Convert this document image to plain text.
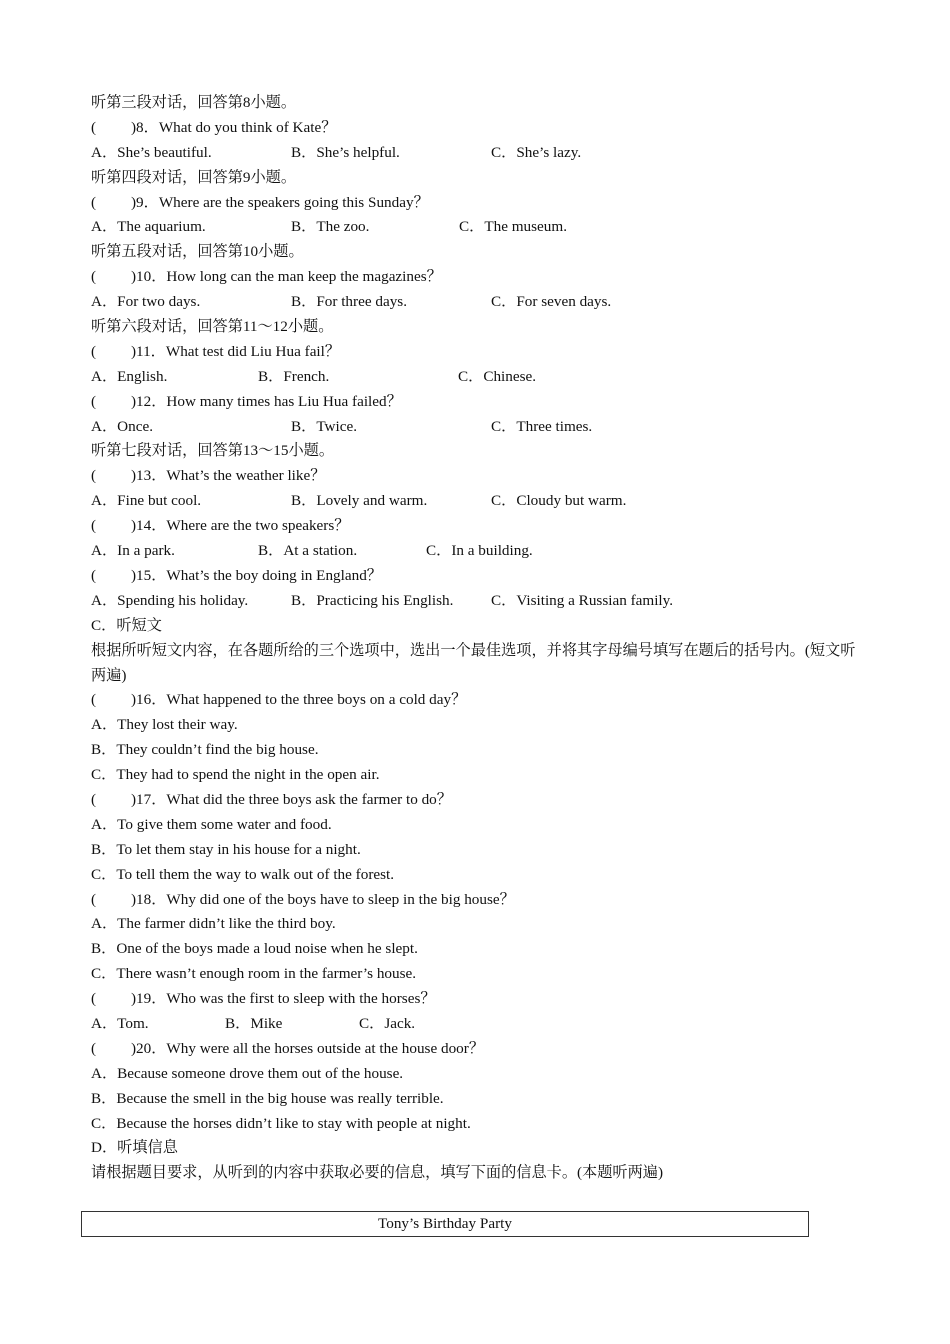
听第三段对话，回答第8小题。
( )8．What do you think of Kate？
A．She’s beautiful.	B．She’s helpful.	C．She’s lazy.
听第四段对话，回答第9小题。
( )9．Where are the speakers going this Sunday？
A．The aquarium.	B．The zoo.	C．The museum.
听第五段对话，回答第10小题。
( )10．How long can the man keep the magazines？
A．For two days.	B．For three days.	C．For seven days.
听第六段对话，回答第11～12小题。
( )11．What test did Liu Hua fail？
A．English.	B．French.	C．Chinese.
( )12．How many times has Liu Hua failed？
A．Once.	B．Twice.	C．Three times.
听第七段对话，回答第13～15小题。
( )13．What’s the weather like？
A．Fine but cool.	B．Lovely and warm.	C．Cloudy but warm.
( )14．Where are the two speakers？
A．In a park.	B．At a station.	C．In a building.
( )15．What’s the boy doing in England？
A．Spending his holiday.	B．Practicing his English. C．Visiting a Russian family.
C．听短文
根据所听短文内容，在各题所给的三个选项中，选出一个最佳选项，并将其字母编号填写在题后的括号内。(短文听两遍)
( )16．What happened to the three boys on a cold day？
A．They lost their way.
B．They couldn’t find the big house.
C．They had to spend the night in the open air.
( )17．What did the three boys ask the farmer to do？
A．To give them some water and food.
B．To let them stay in his house for a night.
C．To tell them the way to walk out of the forest.
( )18．Why did one of the boys have to sleep in the big house？
A．The farmer didn’t like the third boy.
B．One of the boys made a loud noise when he slept.
C．There wasn’t enough room in the farmer’s house.
( )19．Who was the first to sleep with the horses？
A．Tom.	B．Mike	C．Jack.
( )20．Why were all the horses outside at the house door？
A．Because someone drove them out of the house.
B．Because the smell in the big house was really terrible.
C．Because the horses didn’t like to stay with people at night.
D．听填信息
请根据题目要求，从听到的内容中获取必要的信息，填写下面的信息卡。(本题听两遍)
Tony’s Birthday Party
